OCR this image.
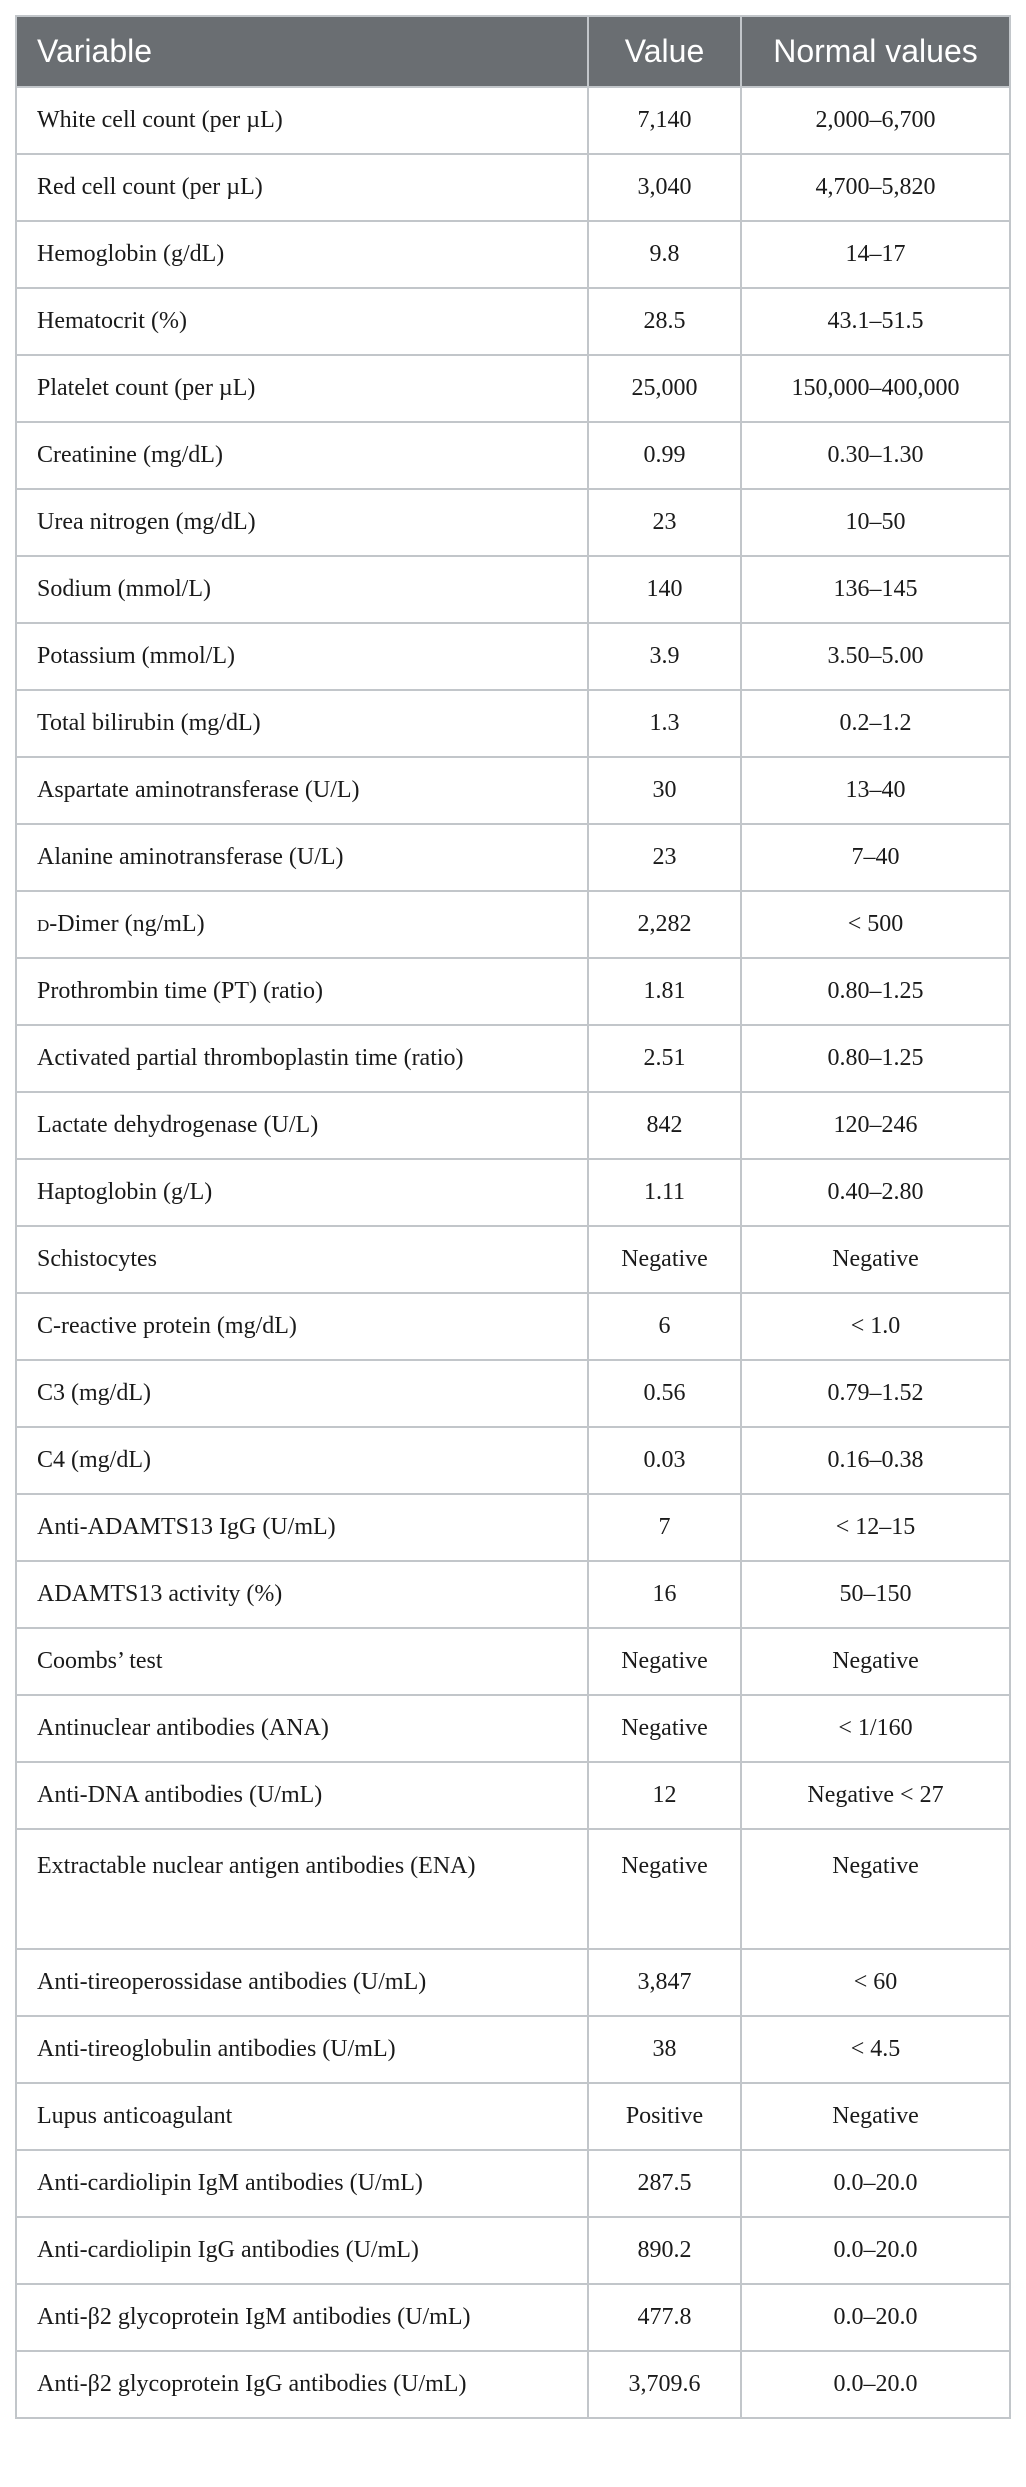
Variable	Value	Normal values
White cell count (per µL)	7,140	2,000–6,700
Red cell count (per µL)	3,040	4,700–5,820
Hemoglobin (g/dL)	9.8	14–17
Hematocrit (%)	28.5	43.1–51.5
Platelet count (per µL)	25,000	150,000–400,000
Creatinine (mg/dL)	0.99	0.30–1.30
Urea nitrogen (mg/dL)	23	10–50
Sodium (mmol/L)	140	136–145
Potassium (mmol/L)	3.9	3.50–5.00
Total bilirubin (mg/dL)	1.3	0.2–1.2
Aspartate aminotransferase (U/L)	30	13–40
Alanine aminotransferase (U/L)	23	7–40
d-Dimer (ng/mL)	2,282	< 500
Prothrombin time (PT) (ratio)	1.81	0.80–1.25
Activated partial thromboplastin time (ratio)	2.51	0.80–1.25
Lactate dehydrogenase (U/L)	842	120–246
Haptoglobin (g/L)	1.11	0.40–2.80
Schistocytes	Negative	Negative
C-reactive protein (mg/dL)	6	< 1.0
C3 (mg/dL)	0.56	0.79–1.52
C4 (mg/dL)	0.03	0.16–0.38
Anti-ADAMTS13 IgG (U/mL)	7	< 12–15
ADAMTS13 activity (%)	16	50–150
Coombs’ test	Negative	Negative
Antinuclear antibodies (ANA)	Negative	< 1/160
Anti-DNA antibodies (U/mL)	12	Negative < 27
Extractable nuclear antigen antibodies (ENA)	Negative	Negative
Anti-tireoperossidase antibodies (U/mL)	3,847	< 60
Anti-tireoglobulin antibodies (U/mL)	38	< 4.5
Lupus anticoagulant	Positive	Negative
Anti-cardiolipin IgM antibodies (U/mL)	287.5	0.0–20.0
Anti-cardiolipin IgG antibodies (U/mL)	890.2	0.0–20.0
Anti-β2 glycoprotein IgM antibodies (U/mL)	477.8	0.0–20.0
Anti-β2 glycoprotein IgG antibodies (U/mL)	3,709.6	0.0–20.0
